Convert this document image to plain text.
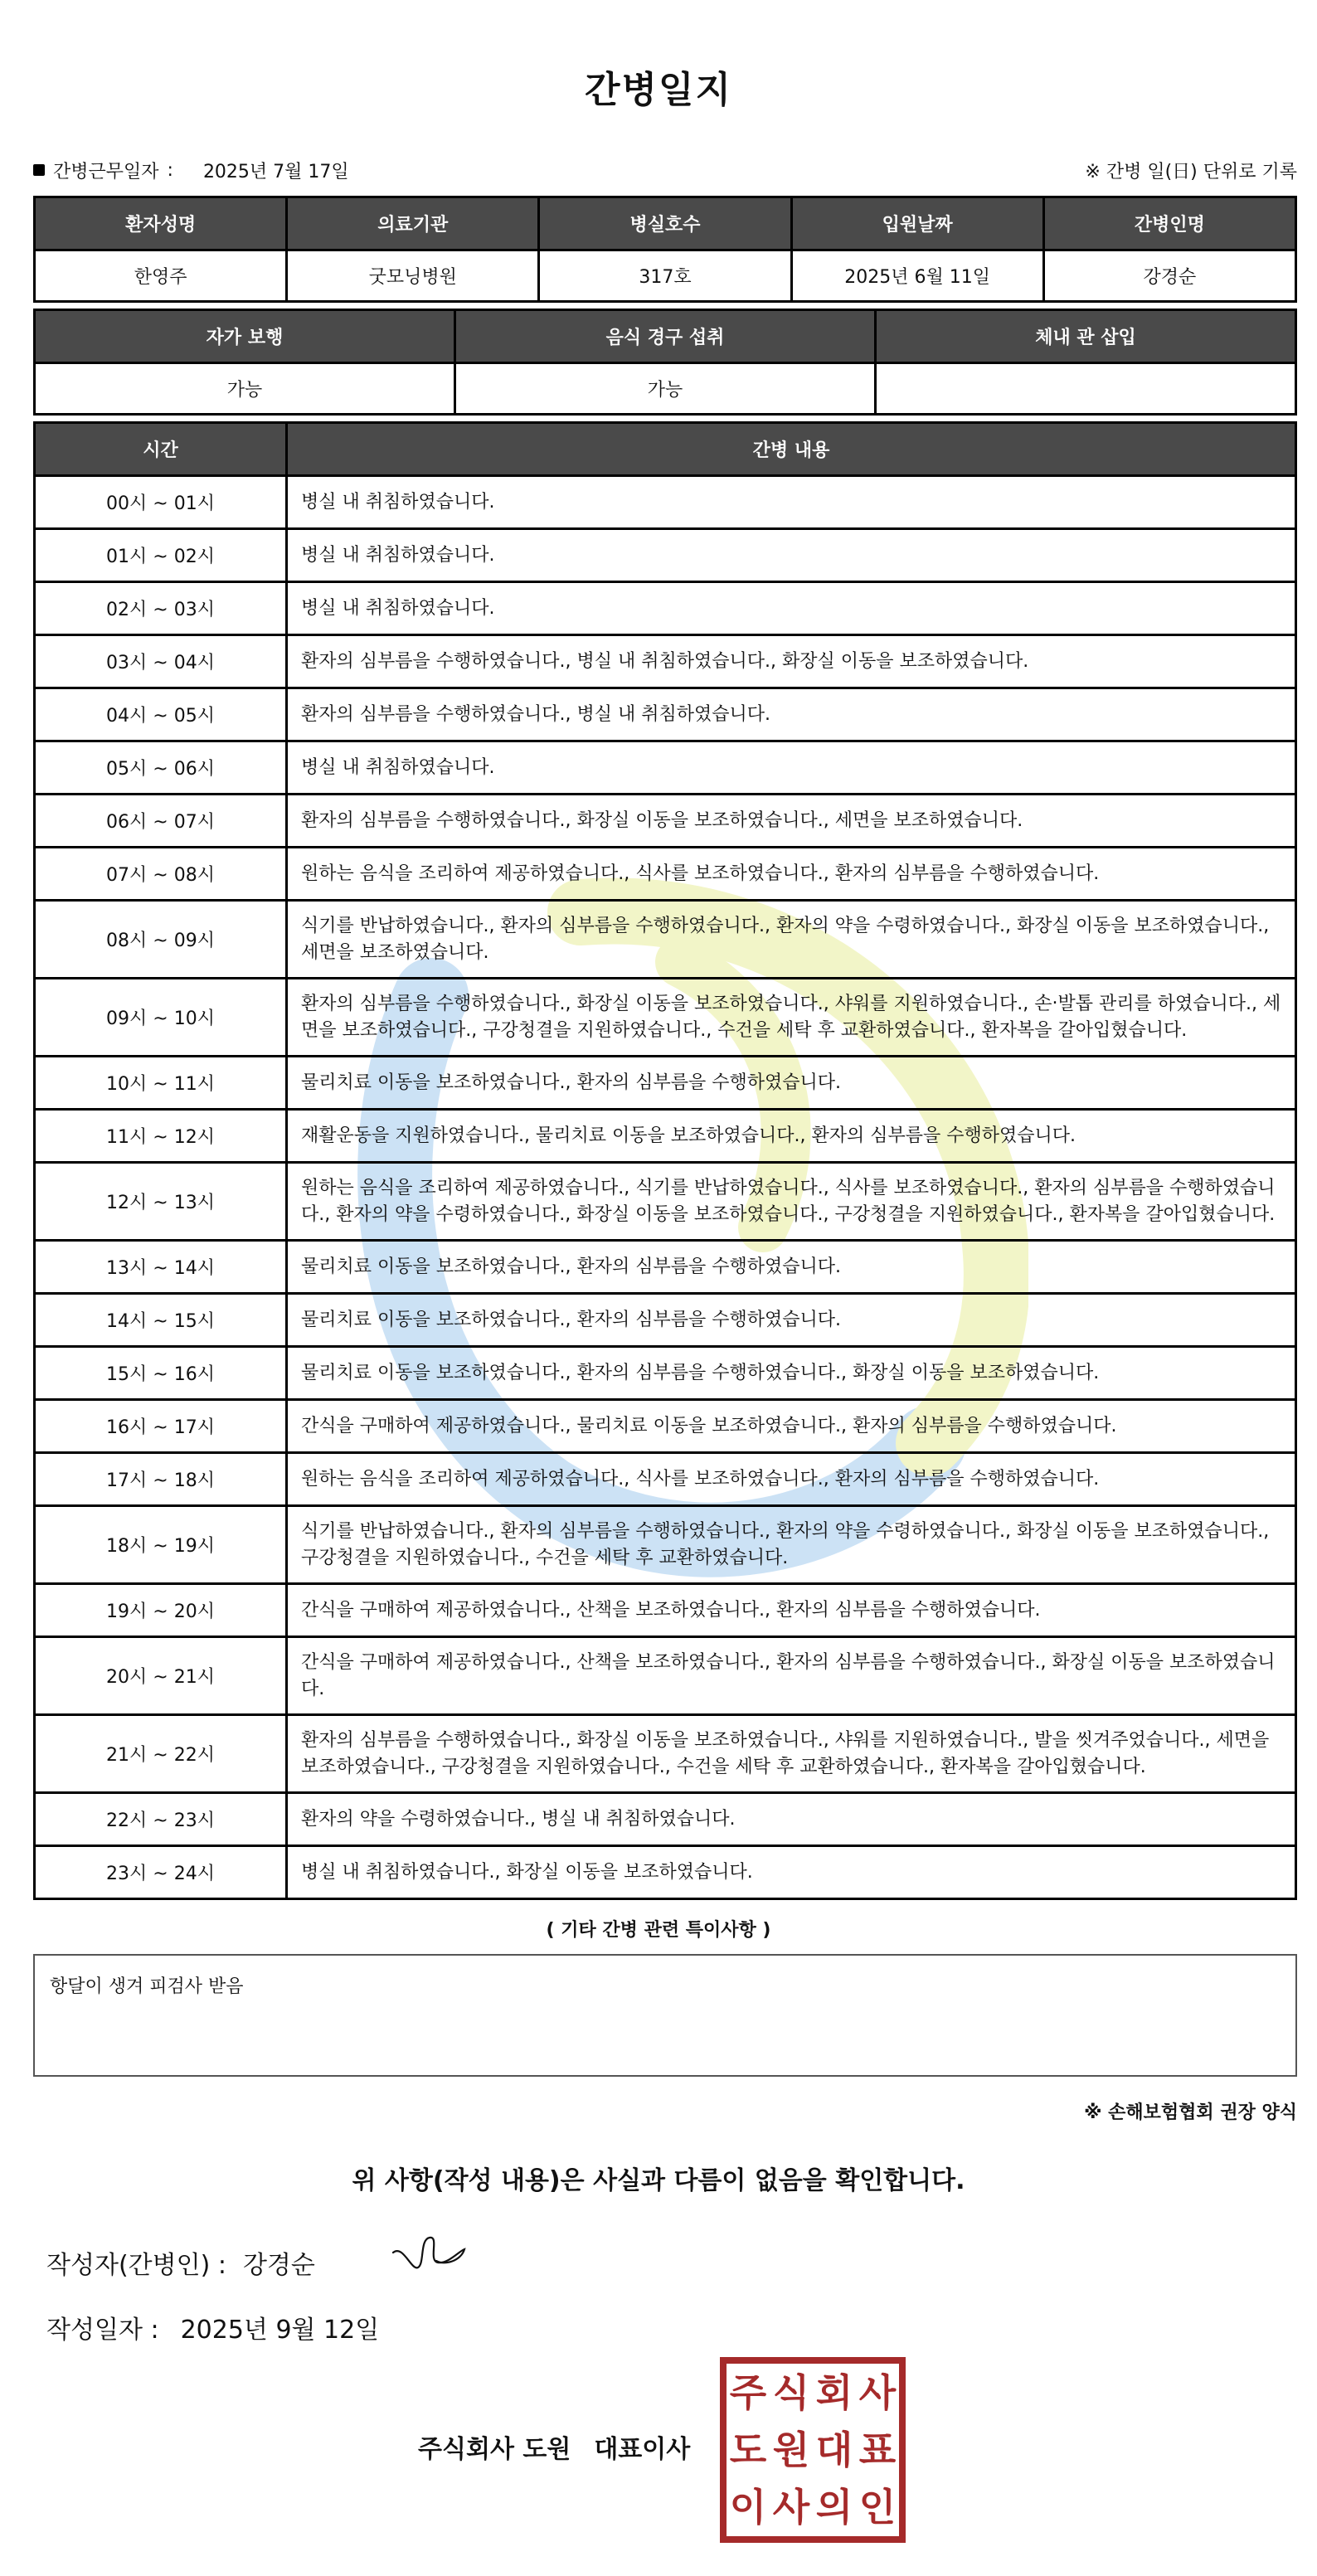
간병일지
간병근무일자 : 2025년 7월 17일	※ 간병 일(日) 단위로 기록
환자성명	의료기관	병실호수	입원날짜	간병인명
한영주	굿모닝병원	317호	2025년 6월 11일	강경순
자가 보행	음식 경구 섭취	체내 관 삽입
가능	가능	
시간	간병 내용
00시 ~ 01시	병실 내 취침하였습니다.
01시 ~ 02시	병실 내 취침하였습니다.
02시 ~ 03시	병실 내 취침하였습니다.
03시 ~ 04시	환자의 심부름을 수행하였습니다., 병실 내 취침하였습니다., 화장실 이동을 보조하였습니다.
04시 ~ 05시	환자의 심부름을 수행하였습니다., 병실 내 취침하였습니다.
05시 ~ 06시	병실 내 취침하였습니다.
06시 ~ 07시	환자의 심부름을 수행하였습니다., 화장실 이동을 보조하였습니다., 세면을 보조하였습니다.
07시 ~ 08시	원하는 음식을 조리하여 제공하였습니다., 식사를 보조하였습니다., 환자의 심부름을 수행하였습니다.
08시 ~ 09시	식기를 반납하였습니다., 환자의 심부름을 수행하였습니다., 환자의 약을 수령하였습니다., 화장실 이동을 보조하였습니다., 세면을 보조하였습니다.
09시 ~ 10시	환자의 심부름을 수행하였습니다., 화장실 이동을 보조하였습니다., 샤워를 지원하였습니다., 손‧발톱 관리를 하였습니다., 세면을 보조하였습니다., 구강청결을 지원하였습니다., 수건을 세탁 후 교환하였습니다., 환자복을 갈아입혔습니다.
10시 ~ 11시	물리치료 이동을 보조하였습니다., 환자의 심부름을 수행하였습니다.
11시 ~ 12시	재활운동을 지원하였습니다., 물리치료 이동을 보조하였습니다., 환자의 심부름을 수행하였습니다.
12시 ~ 13시	원하는 음식을 조리하여 제공하였습니다., 식기를 반납하였습니다., 식사를 보조하였습니다., 환자의 심부름을 수행하였습니다., 환자의 약을 수령하였습니다., 화장실 이동을 보조하였습니다., 구강청결을 지원하였습니다., 환자복을 갈아입혔습니다.
13시 ~ 14시	물리치료 이동을 보조하였습니다., 환자의 심부름을 수행하였습니다.
14시 ~ 15시	물리치료 이동을 보조하였습니다., 환자의 심부름을 수행하였습니다.
15시 ~ 16시	물리치료 이동을 보조하였습니다., 환자의 심부름을 수행하였습니다., 화장실 이동을 보조하였습니다.
16시 ~ 17시	간식을 구매하여 제공하였습니다., 물리치료 이동을 보조하였습니다., 환자의 심부름을 수행하였습니다.
17시 ~ 18시	원하는 음식을 조리하여 제공하였습니다., 식사를 보조하였습니다., 환자의 심부름을 수행하였습니다.
18시 ~ 19시	식기를 반납하였습니다., 환자의 심부름을 수행하였습니다., 환자의 약을 수령하였습니다., 화장실 이동을 보조하였습니다., 구강청결을 지원하였습니다., 수건을 세탁 후 교환하였습니다.
19시 ~ 20시	간식을 구매하여 제공하였습니다., 산책을 보조하였습니다., 환자의 심부름을 수행하였습니다.
20시 ~ 21시	간식을 구매하여 제공하였습니다., 산책을 보조하였습니다., 환자의 심부름을 수행하였습니다., 화장실 이동을 보조하였습니다.
21시 ~ 22시	환자의 심부름을 수행하였습니다., 화장실 이동을 보조하였습니다., 샤워를 지원하였습니다., 발을 씻겨주었습니다., 세면을 보조하였습니다., 구강청결을 지원하였습니다., 수건을 세탁 후 교환하였습니다., 환자복을 갈아입혔습니다.
22시 ~ 23시	환자의 약을 수령하였습니다., 병실 내 취침하였습니다.
23시 ~ 24시	병실 내 취침하였습니다., 화장실 이동을 보조하였습니다.
( 기타 간병 관련 특이사항 )
항달이 생겨 피검사 받음
※ 손해보험협회 권장 양식
위 사항(작성 내용)은 사실과 다름이 없음을 확인합니다.
작성자(간병인) : 강경순
작성일자 : 2025년 9월 12일
주식회사 도원 대표이사
주 식 회 사
도 원 대 표
이 사 의 인
